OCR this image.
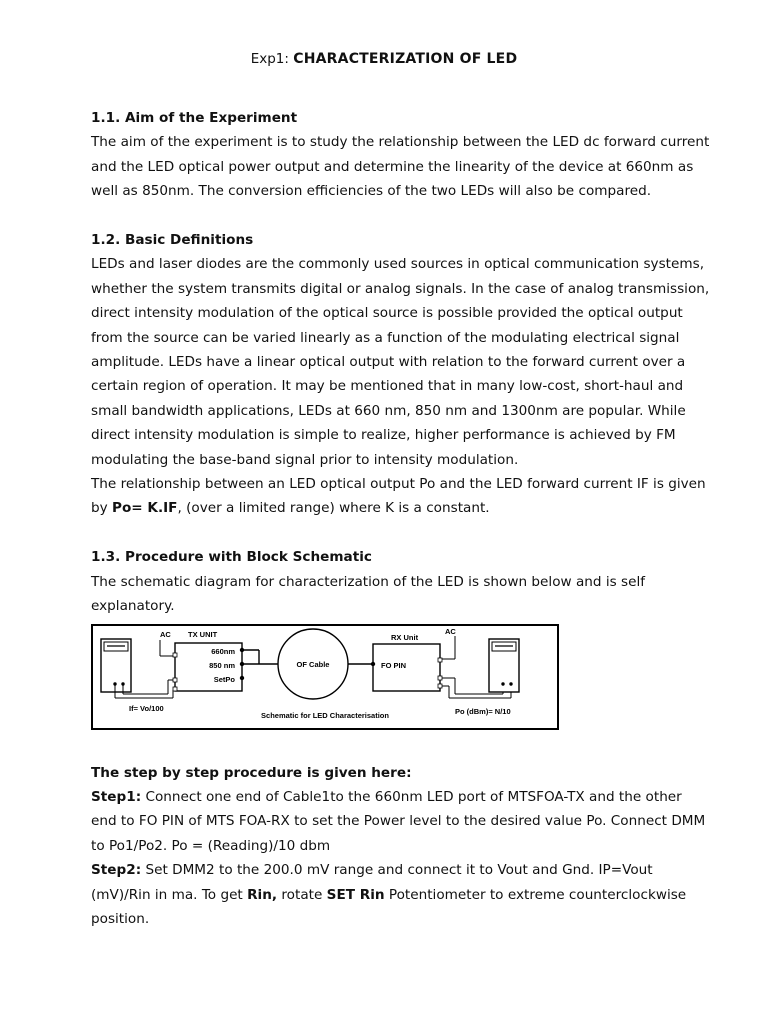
Exp1: CHARACTERIZATION OF LED
1.1. Aim of the Experiment

The aim of the experiment is to study the relationship between the LED dc forward current and the LED optical power output and determine the linearity of the device at 660nm as well as 850nm. The conversion efficiencies of the two LEDs will also be compared.

1.2. Basic Definitions

LEDs and laser diodes are the commonly used sources in optical communication systems, whether the system transmits digital or analog signals. In the case of analog transmission, direct intensity modulation of the optical source is possible provided the optical output from the source can be varied linearly as a function of the modulating electrical signal amplitude. LEDs have a linear optical output with relation to the forward current over a certain region of operation. It may be mentioned that in many low-cost, short-haul and small bandwidth applications, LEDs at 660 nm, 850 nm and 1300nm are popular. While direct intensity modulation is simple to realize, higher performance is achieved by FM modulating the base-band signal prior to intensity modulation.

The relationship between an LED optical output Po and the LED forward current IF is given by Po= K.IF, (over a limited range) where K is a constant.

1.3. Procedure with Block Schematic

The schematic diagram for characterization of the LED is shown below and is self explanatory.

AC TX UNIT
660nm
850 nm
SetPo
OF Cable
RX Unit
FO PIN
AC
If= Vo/100
Schematic for LED Characterisation	Po (dBm)= N/10

The step by step procedure is given here:

Step1: Connect one end of Cable1to the 660nm LED port of MTSFOA-TX and the other end to FO PIN of MTS FOA-RX to set the Power level to the desired value Po. Connect DMM to Po1/Po2. Po = (Reading)/10 dbm

Step2: Set DMM2 to the 200.0 mV range and connect it to Vout and Gnd. IP=Vout (mV)/Rin in ma. To get Rin, rotate SET Rin Potentiometer to extreme counterclockwise position.
